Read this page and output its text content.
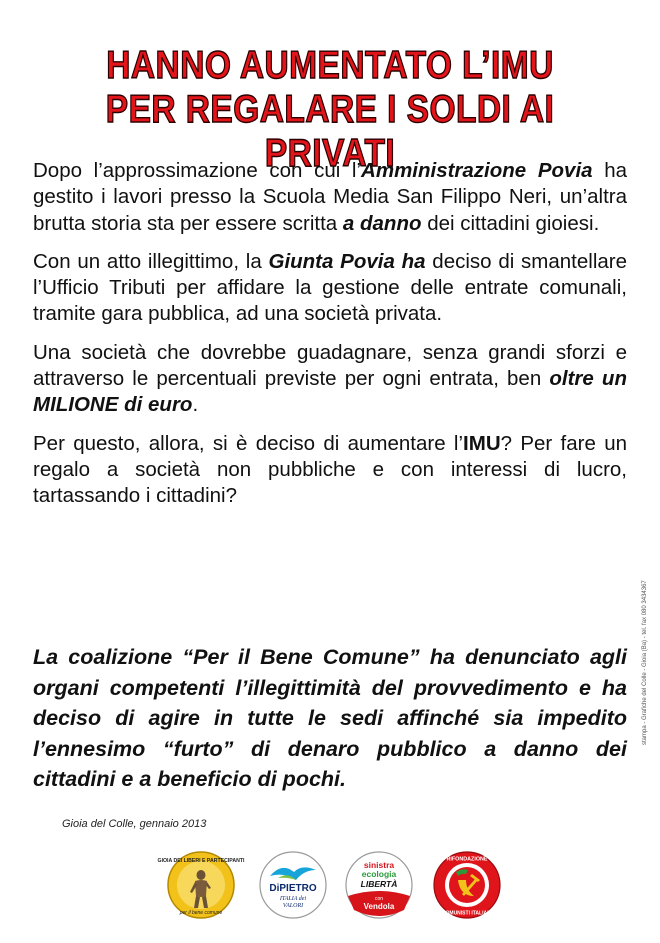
HANNO AUMENTATO L’IMU
PER REGALARE I SOLDI AI PRIVATI

Dopo l’approssimazione con cui l’Amministrazione Povia ha gestito i lavori presso la Scuola Media San Filippo Neri, un’altra brutta storia sta per essere scritta a danno dei cittadini gioiesi.

Con un atto illegittimo, la Giunta Povia ha deciso di smantellare l’Ufficio Tributi per affidare la gestione delle entrate comunali, tramite gara pubblica, ad una società privata.

Una società che dovrebbe guadagnare, senza grandi sforzi e attraverso le percentuali previste per ogni entrata, ben oltre un MILIONE di euro.

Per questo, allora, si è deciso di aumentare l’IMU? Per fare un regalo a società non pubbliche e con interessi di lucro, tartassando i cittadini?

La coalizione “Per il Bene Comune” ha denunciato agli organi competenti l’illegittimità del provvedimento e ha deciso di agire in tutte le sedi affinché sia impedito l’ennesimo “furto” di denaro pubblico a danno dei cittadini e a beneficio di pochi.
Gioia del Colle, gennaio 2013
stampa - Grafiche del Colle - Gioia (Ba) - tel. fax 080 3434367
GIOIA DEI LIBERI E PARTECIPANTI
per il bene comune
DiPIETRO
ITALIA dei
VALORI
sinistra
ecologia
LIBERTÀ
con
Vendola
RIFONDAZIONE
COMUNISTI ITALIANI
